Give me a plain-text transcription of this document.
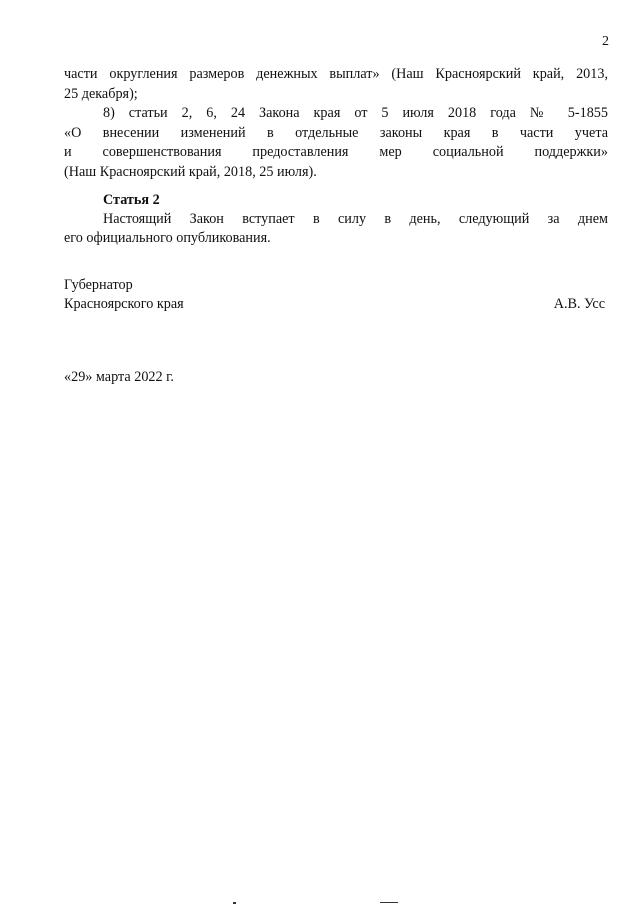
2
части округления размеров денежных выплат» (Наш Красноярский край, 2013,
25 декабря);
8) статьи 2, 6, 24 Закона края от 5 июля 2018 года № 5-1855
«О внесении изменений в отдельные законы края в части учета
и совершенствования предоставления мер социальной поддержки»
(Наш Красноярский край, 2018, 25 июля).
Статья 2
Настоящий Закон вступает в силу в день, следующий за днем
его официального опубликования.
Губернатор
Красноярского края	А.В. Усс
«29» марта 2022 г.
